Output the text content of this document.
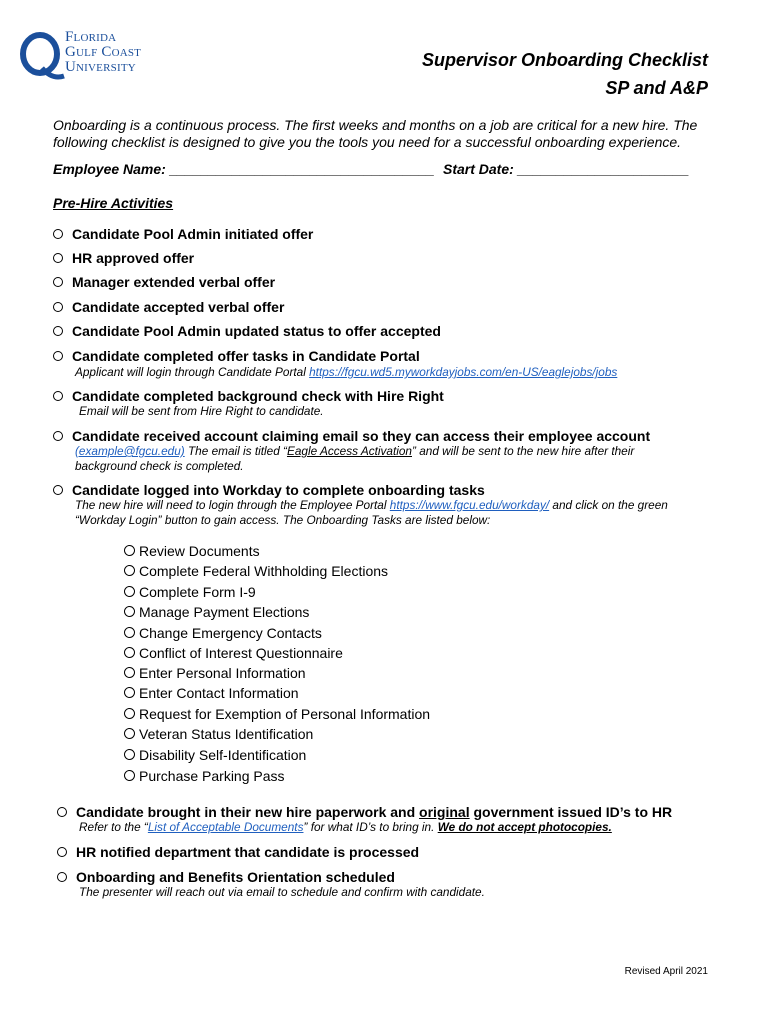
Florida
Gulf Coast
University	Supervisor Onboarding Checklist
SP and A&P
Onboarding is a continuous process. The first weeks and months on a job are critical for a new hire. The following checklist is designed to give you the tools you need for a successful onboarding experience.
Employee Name: __________________________________ Start Date: ______________________
Pre-Hire Activities
Candidate Pool Admin initiated offer
HR approved offer
Manager extended verbal offer
Candidate accepted verbal offer
Candidate Pool Admin updated status to offer accepted
Candidate completed offer tasks in Candidate Portal
Applicant will login through Candidate Portal https://fgcu.wd5.myworkdayjobs.com/en-US/eaglejobs/jobs
Candidate completed background check with Hire Right
Email will be sent from Hire Right to candidate.
Candidate received account claiming email so they can access their employee account
(example@fgcu.edu) The email is titled “Eagle Access Activation” and will be sent to the new hire after their
background check is completed.
Candidate logged into Workday to complete onboarding tasks
The new hire will need to login through the Employee Portal https://www.fgcu.edu/workday/ and click on the green
“Workday Login” button to gain access. The Onboarding Tasks are listed below:
Review Documents
Complete Federal Withholding Elections
Complete Form I-9
Manage Payment Elections
Change Emergency Contacts
Conflict of Interest Questionnaire
Enter Personal Information
Enter Contact Information
Request for Exemption of Personal Information
Veteran Status Identification
Disability Self-Identification
Purchase Parking Pass
Candidate brought in their new hire paperwork and original government issued ID’s to HR
Refer to the “List of Acceptable Documents” for what ID’s to bring in. We do not accept photocopies.
HR notified department that candidate is processed
Onboarding and Benefits Orientation scheduled
The presenter will reach out via email to schedule and confirm with candidate.
Revised April 2021
